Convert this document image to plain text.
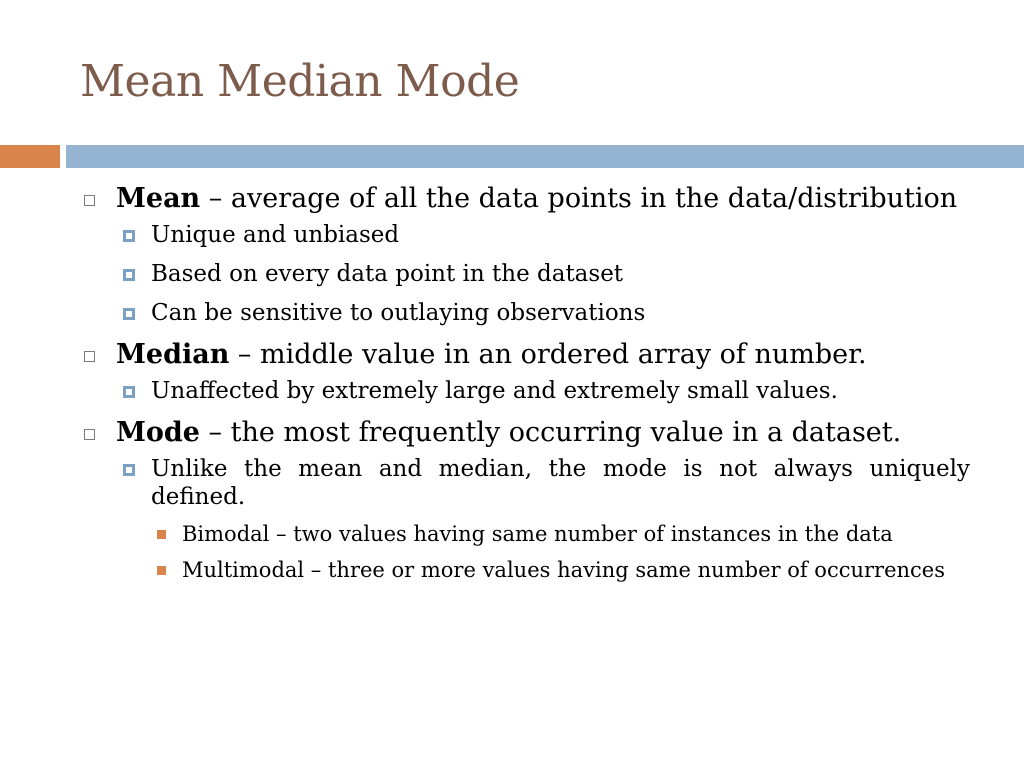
Mean Median Mode
Mean – average of all the data points in the data/distribution
Unique and unbiased
Based on every data point in the dataset
Can be sensitive to outlaying observations
Median – middle value in an ordered array of number.
Unaffected by extremely large and extremely small values.
Mode – the most frequently occurring value in a dataset.
Unlike the mean and median, the mode is not always uniquely defined.
Bimodal – two values having same number of instances in the data
Multimodal – three or more values having same number of occurrences
